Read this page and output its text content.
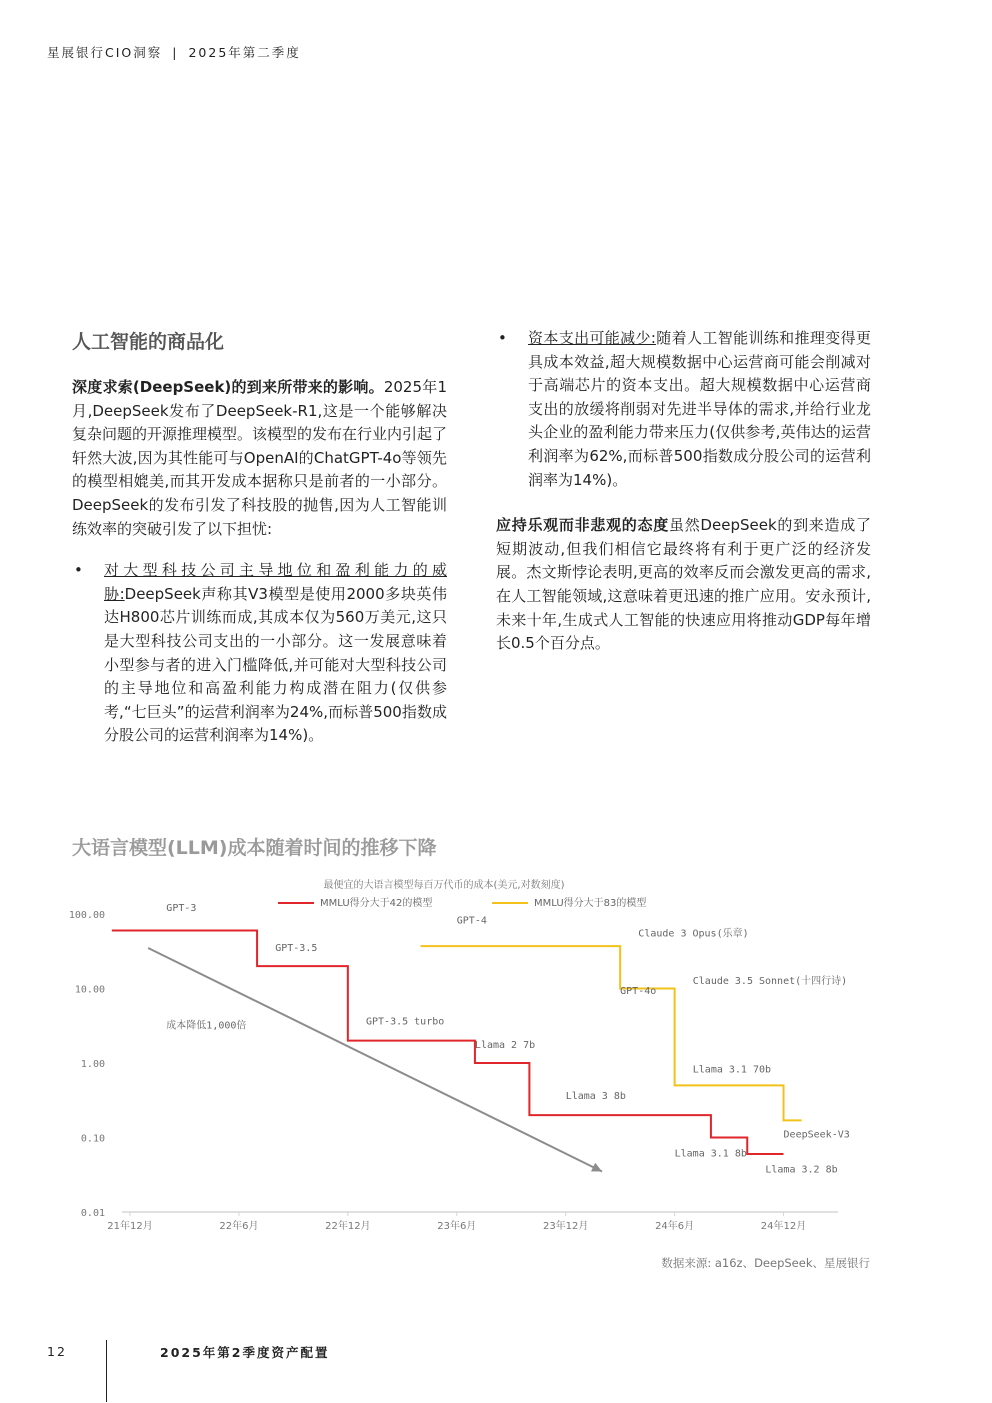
星展银行CIO洞察 | 2025年第二季度
人工智能的商品化

深度求索(DeepSeek)的到来所带来的影响。2025年1月,DeepSeek发布了DeepSeek-R1,这是一个能够解决复杂问题的开源推理模型。该模型的发布在行业内引起了轩然大波,因为其性能可与OpenAI的ChatGPT-4o等领先的模型相媲美,而其开发成本据称只是前者的一小部分。DeepSeek的发布引发了科技股的抛售,因为人工智能训练效率的突破引发了以下担忧:

• 对大型科技公司主导地位和盈利能力的威胁:DeepSeek声称其V3模型是使用2000多块英伟达H800芯片训练而成,其成本仅为560万美元,这只是大型科技公司支出的一小部分。这一发展意味着小型参与者的进入门槛降低,并可能对大型科技公司的主导地位和高盈利能力构成潜在阻力(仅供参考,“七巨头”的运营利润率为24%,而标普500指数成分股公司的运营利润率为14%)。

• 资本支出可能减少:随着人工智能训练和推理变得更具成本效益,超大规模数据中心运营商可能会削减对于高端芯片的资本支出。超大规模数据中心运营商支出的放缓将削弱对先进半导体的需求,并给行业龙头企业的盈利能力带来压力(仅供参考,英伟达的运营利润率为62%,而标普500指数成分股公司的运营利润率为14%)。

应持乐观而非悲观的态度虽然DeepSeek的到来造成了短期波动,但我们相信它最终将有利于更广泛的经济发展。杰文斯悖论表明,更高的效率反而会激发更高的需求,在人工智能领域,这意味着更迅速的推广应用。安永预计,未来十年,生成式人工智能的快速应用将推动GDP每年增长0.5个百分点。

大语言模型(LLM)成本随着时间的推移下降
最便宜的大语言模型每百万代币的成本(美元,对数刻度)
MMLU得分大于42的模型	MMLU得分大于83的模型
100.00
10.00
1.00
0.10
0.01
21年12月	22年6月	22年12月	23年6月	23年12月	24年6月	24年12月
GPT-3
GPT-3.5
GPT-3.5 turbo
Llama 2 7b
Llama 3 8b
Llama 3.1 8b
Llama 3.2 8b
GPT-4
Claude 3 Opus(乐章)
GPT-4o
Claude 3.5 Sonnet(十四行诗)
Llama 3.1 70b
DeepSeek-V3
成本降低1,000倍
数据来源: a16z、DeepSeek、星展银行
12	2025年第2季度资产配置
